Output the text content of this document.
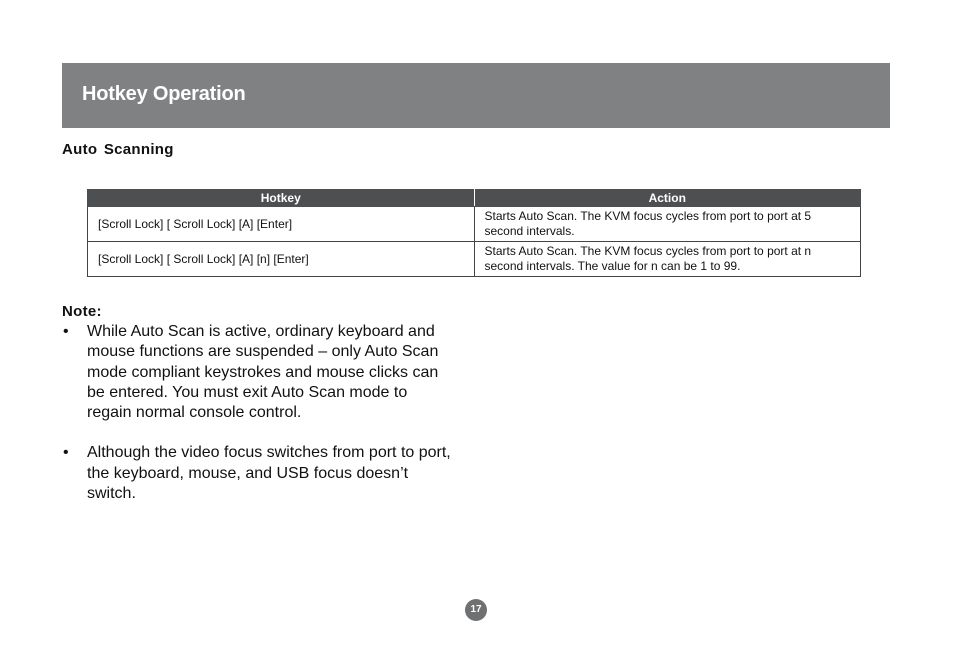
Hotkey Operation
Auto Scanning
Hotkey	Action
[Scroll Lock] [ Scroll Lock] [A] [Enter]	Starts Auto Scan. The KVM focus cycles from port to port at 5 second intervals.
[Scroll Lock] [ Scroll Lock] [A] [n] [Enter]	Starts Auto Scan. The KVM focus cycles from port to port at n second intervals. The value for n can be 1 to 99.
Note:
• While Auto Scan is active, ordinary keyboard and mouse functions are suspended – only Auto Scan mode compliant keystrokes and mouse clicks can be entered. You must exit Auto Scan mode to regain normal console control.
• Although the video focus switches from port to port, the keyboard, mouse, and USB focus doesn’t switch.
17
